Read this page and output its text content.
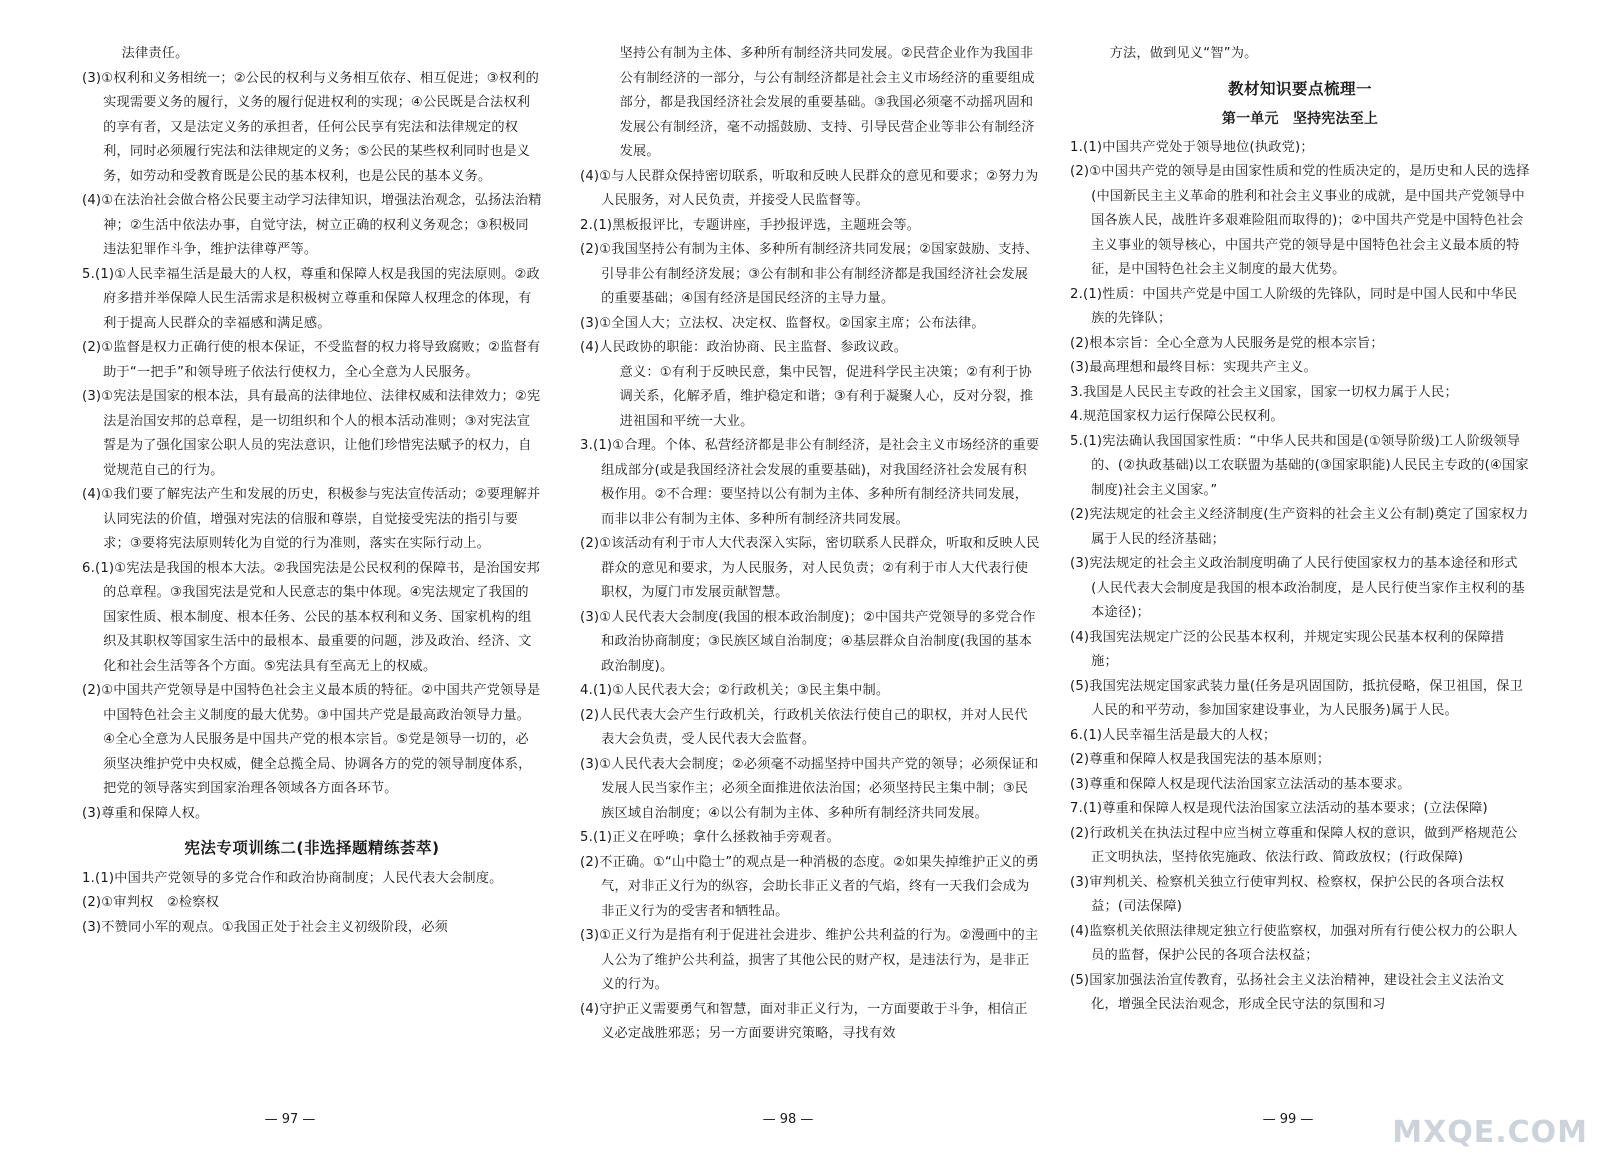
法律责任。

(3)①权利和义务相统一；②公民的权利与义务相互依存、相互促进；③权利的实现需要义务的履行，义务的履行促进权利的实现；④公民既是合法权利的享有者，又是法定义务的承担者，任何公民享有宪法和法律规定的权利，同时必须履行宪法和法律规定的义务；⑤公民的某些权利同时也是义务，如劳动和受教育既是公民的基本权利，也是公民的基本义务。

(4)①在法治社会做合格公民要主动学习法律知识，增强法治观念，弘扬法治精神；②生活中依法办事，自觉守法，树立正确的权利义务观念；③积极同违法犯罪作斗争，维护法律尊严等。

5.(1)①人民幸福生活是最大的人权，尊重和保障人权是我国的宪法原则。②政府多措并举保障人民生活需求是积极树立尊重和保障人权理念的体现，有利于提高人民群众的幸福感和满足感。

(2)①监督是权力正确行使的根本保证，不受监督的权力将导致腐败；②监督有助于“一把手”和领导班子依法行使权力，全心全意为人民服务。

(3)①宪法是国家的根本法，具有最高的法律地位、法律权威和法律效力；②宪法是治国安邦的总章程，是一切组织和个人的根本活动准则；③对宪法宣誓是为了强化国家公职人员的宪法意识，让他们珍惜宪法赋予的权力，自觉规范自己的行为。

(4)①我们要了解宪法产生和发展的历史，积极参与宪法宣传活动；②要理解并认同宪法的价值，增强对宪法的信服和尊崇，自觉接受宪法的指引与要求；③要将宪法原则转化为自觉的行为准则，落实在实际行动上。

6.(1)①宪法是我国的根本大法。②我国宪法是公民权利的保障书，是治国安邦的总章程。③我国宪法是党和人民意志的集中体现。④宪法规定了我国的国家性质、根本制度、根本任务、公民的基本权利和义务、国家机构的组织及其职权等国家生活中的最根本、最重要的问题，涉及政治、经济、文化和社会生活等各个方面。⑤宪法具有至高无上的权威。

(2)①中国共产党领导是中国特色社会主义最本质的特征。②中国共产党领导是中国特色社会主义制度的最大优势。③中国共产党是最高政治领导力量。④全心全意为人民服务是中国共产党的根本宗旨。⑤党是领导一切的，必须坚决维护党中央权威，健全总揽全局、协调各方的党的领导制度体系，把党的领导落实到国家治理各领域各方面各环节。

(3)尊重和保障人权。

宪法专项训练二(非选择题精练荟萃)

1.(1)中国共产党领导的多党合作和政治协商制度；人民代表大会制度。

(2)①审判权　②检察权

(3)不赞同小军的观点。①我国正处于社会主义初级阶段，必须

坚持公有制为主体、多种所有制经济共同发展。②民营企业作为我国非公有制经济的一部分，与公有制经济都是社会主义市场经济的重要组成部分，都是我国经济社会发展的重要基础。③我国必须毫不动摇巩固和发展公有制经济，毫不动摇鼓励、支持、引导民营企业等非公有制经济发展。

(4)①与人民群众保持密切联系，听取和反映人民群众的意见和要求；②努力为人民服务，对人民负责，并接受人民监督等。

2.(1)黑板报评比，专题讲座，手抄报评选，主题班会等。

(2)①我国坚持公有制为主体、多种所有制经济共同发展；②国家鼓励、支持、引导非公有制经济发展；③公有制和非公有制经济都是我国经济社会发展的重要基础；④国有经济是国民经济的主导力量。

(3)①全国人大；立法权、决定权、监督权。②国家主席；公布法律。

(4)人民政协的职能：政治协商、民主监督、参政议政。

意义：①有利于反映民意，集中民智，促进科学民主决策；②有利于协调关系，化解矛盾，维护稳定和谐；③有利于凝聚人心，反对分裂，推进祖国和平统一大业。

3.(1)①合理。个体、私营经济都是非公有制经济，是社会主义市场经济的重要组成部分(或是我国经济社会发展的重要基础)，对我国经济社会发展有积极作用。②不合理：要坚持以公有制为主体、多种所有制经济共同发展，而非以非公有制为主体、多种所有制经济共同发展。

(2)①该活动有利于市人大代表深入实际，密切联系人民群众，听取和反映人民群众的意见和要求，为人民服务，对人民负责；②有利于市人大代表行使职权，为厦门市发展贡献智慧。

(3)①人民代表大会制度(我国的根本政治制度)；②中国共产党领导的多党合作和政治协商制度；③民族区域自治制度；④基层群众自治制度(我国的基本政治制度)。

4.(1)①人民代表大会；②行政机关；③民主集中制。

(2)人民代表大会产生行政机关，行政机关依法行使自己的职权，并对人民代表大会负责，受人民代表大会监督。

(3)①人民代表大会制度；②必须毫不动摇坚持中国共产党的领导；必须保证和发展人民当家作主；必须全面推进依法治国；必须坚持民主集中制；③民族区域自治制度；④以公有制为主体、多种所有制经济共同发展。

5.(1)正义在呼唤；拿什么拯救袖手旁观者。

(2)不正确。①“山中隐士”的观点是一种消极的态度。②如果失掉维护正义的勇气，对非正义行为的纵容，会助长非正义者的气焰，终有一天我们会成为非正义行为的受害者和牺牲品。

(3)①正义行为是指有利于促进社会进步、维护公共利益的行为。②漫画中的主人公为了维护公共利益，损害了其他公民的财产权，是违法行为，是非正义的行为。

(4)守护正义需要勇气和智慧，面对非正义行为，一方面要敢于斗争，相信正义必定战胜邪恶；另一方面要讲究策略，寻找有效

方法，做到见义“智”为。

教材知识要点梳理一
第一单元　坚持宪法至上

1.(1)中国共产党处于领导地位(执政党)；

(2)①中国共产党的领导是由国家性质和党的性质决定的，是历史和人民的选择(中国新民主主义革命的胜利和社会主义事业的成就，是中国共产党领导中国各族人民，战胜许多艰难险阻而取得的)；②中国共产党是中国特色社会主义事业的领导核心，中国共产党的领导是中国特色社会主义最本质的特征，是中国特色社会主义制度的最大优势。

2.(1)性质：中国共产党是中国工人阶级的先锋队，同时是中国人民和中华民族的先锋队；

(2)根本宗旨：全心全意为人民服务是党的根本宗旨；

(3)最高理想和最终目标：实现共产主义。

3.我国是人民民主专政的社会主义国家，国家一切权力属于人民；

4.规范国家权力运行保障公民权利。

5.(1)宪法确认我国国家性质：“中华人民共和国是(①领导阶级)工人阶级领导的、(②执政基础)以工农联盟为基础的(③国家职能)人民民主专政的(④国家制度)社会主义国家。”

(2)宪法规定的社会主义经济制度(生产资料的社会主义公有制)奠定了国家权力属于人民的经济基础；

(3)宪法规定的社会主义政治制度明确了人民行使国家权力的基本途径和形式(人民代表大会制度是我国的根本政治制度，是人民行使当家作主权利的基本途径)；

(4)我国宪法规定广泛的公民基本权利，并规定实现公民基本权利的保障措施；

(5)我国宪法规定国家武装力量(任务是巩固国防，抵抗侵略，保卫祖国，保卫人民的和平劳动，参加国家建设事业，为人民服务)属于人民。

6.(1)人民幸福生活是最大的人权；

(2)尊重和保障人权是我国宪法的基本原则；

(3)尊重和保障人权是现代法治国家立法活动的基本要求。

7.(1)尊重和保障人权是现代法治国家立法活动的基本要求；(立法保障)

(2)行政机关在执法过程中应当树立尊重和保障人权的意识，做到严格规范公正文明执法，坚持依宪施政、依法行政、简政放权；(行政保障)

(3)审判机关、检察机关独立行使审判权、检察权，保护公民的各项合法权益；(司法保障)

(4)监察机关依照法律规定独立行使监察权，加强对所有行使公权力的公职人员的监督，保护公民的各项合法权益；

(5)国家加强法治宣传教育，弘扬社会主义法治精神，建设社会主义法治文化，增强全民法治观念，形成全民守法的氛围和习

— 97 —	— 98 —	— 99 —	MXQE.COM
